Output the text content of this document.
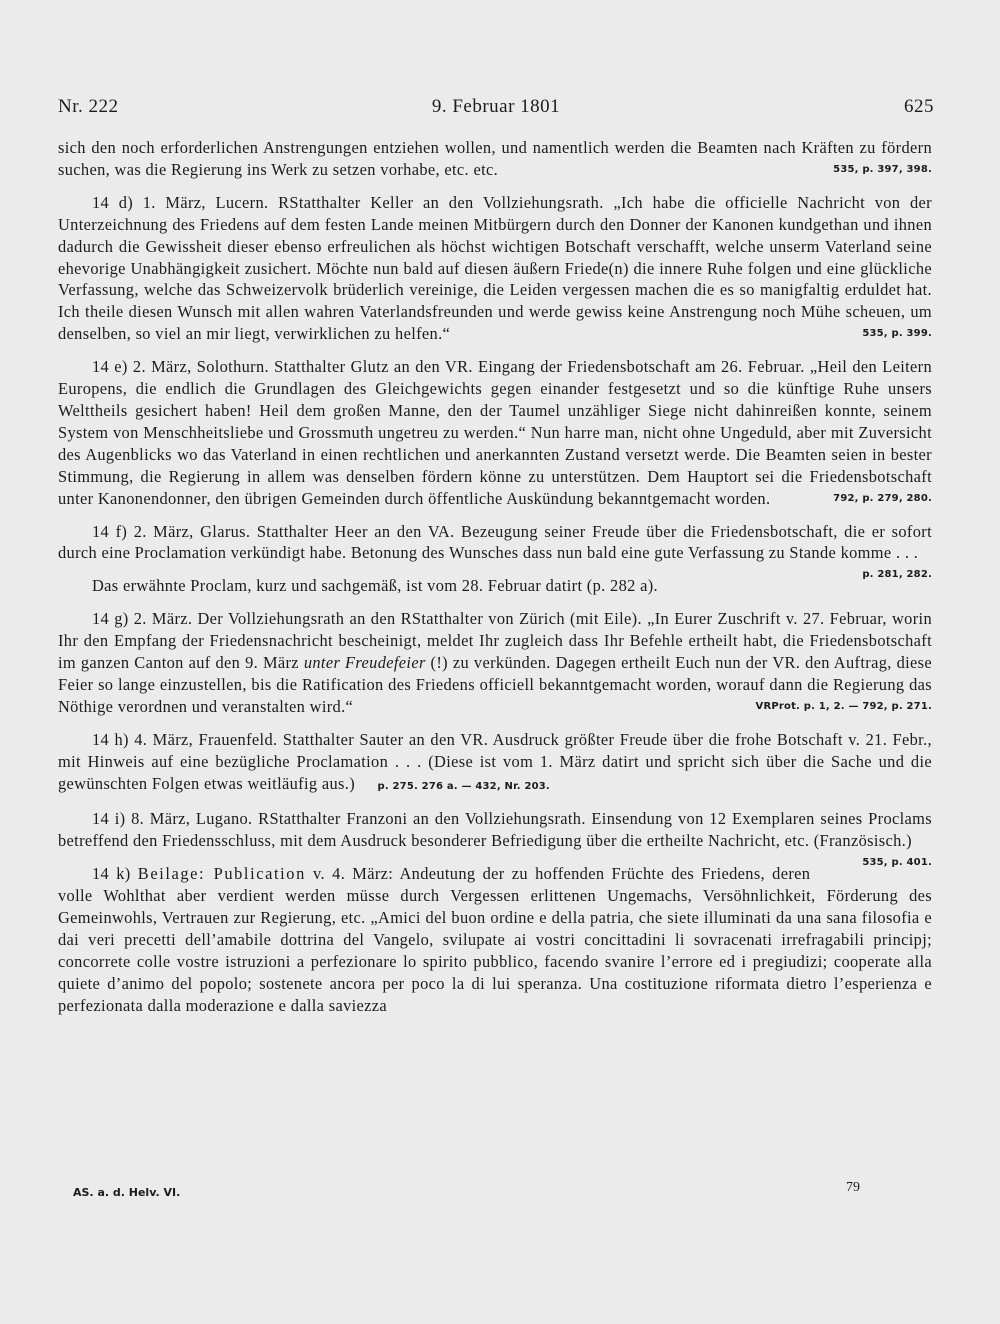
Nr. 222	9. Februar 1801	625

sich den noch erforderlichen Anstrengungen entziehen wollen, und namentlich werden die Beamten nach Kräften zu fördern suchen, was die Regierung ins Werk zu setzen vorhabe, etc. etc.	535, p. 397, 398.

14 d) 1. März, Lucern. RStatthalter Keller an den Vollziehungsrath. „Ich habe die officielle Nachricht von der Unterzeichnung des Friedens auf dem festen Lande meinen Mitbürgern durch den Donner der Kanonen kundgethan und ihnen dadurch die Gewissheit dieser ebenso erfreulichen als höchst wichtigen Botschaft verschafft, welche unserm Vaterland seine ehevorige Unabhängigkeit zusichert. Möchte nun bald auf diesen äußern Friede(n) die innere Ruhe folgen und eine glückliche Verfassung, welche das Schweizervolk brüderlich vereinige, die Leiden vergessen machen die es so manigfaltig erduldet hat. Ich theile diesen Wunsch mit allen wahren Vaterlandsfreunden und werde gewiss keine Anstrengung noch Mühe scheuen, um denselben, so viel an mir liegt, verwirklichen zu helfen.“	535, p. 399.

14 e) 2. März, Solothurn. Statthalter Glutz an den VR. Eingang der Friedensbotschaft am 26. Februar. „Heil den Leitern Europens, die endlich die Grundlagen des Gleichgewichts gegen einander festgesetzt und so die künftige Ruhe unsers Welttheils gesichert haben! Heil dem großen Manne, den der Taumel unzähliger Siege nicht dahinreißen konnte, seinem System von Menschheitsliebe und Grossmuth ungetreu zu werden.“ Nun harre man, nicht ohne Ungeduld, aber mit Zuversicht des Augenblicks wo das Vaterland in einen rechtlichen und anerkannten Zustand versetzt werde. Die Beamten seien in bester Stimmung, die Regierung in allem was denselben fördern könne zu unterstützen. Dem Hauptort sei die Friedensbotschaft unter Kanonendonner, den übrigen Gemeinden durch öffentliche Auskündung bekanntgemacht worden.	792, p. 279, 280.

14 f) 2. März, Glarus. Statthalter Heer an den VA. Bezeugung seiner Freude über die Friedensbotschaft, die er sofort durch eine Proclamation verkündigt habe. Betonung des Wunsches dass nun bald eine gute Verfassung zu Stande komme . . .
p. 281, 282.

Das erwähnte Proclam, kurz und sachgemäß, ist vom 28. Februar datirt (p. 282 a).

14 g) 2. März. Der Vollziehungsrath an den RStatthalter von Zürich (mit Eile). „In Eurer Zuschrift v. 27. Februar, worin Ihr den Empfang der Friedensnachricht bescheinigt, meldet Ihr zugleich dass Ihr Befehle ertheilt habt, die Friedensbotschaft im ganzen Canton auf den 9. März unter Freudefeier (!) zu verkünden. Dagegen ertheilt Euch nun der VR. den Auftrag, diese Feier so lange einzustellen, bis die Ratification des Friedens officiell bekanntgemacht worden, worauf dann die Regierung das Nöthige verordnen und veranstalten wird.“	VRProt. p. 1, 2. — 792, p. 271.

14 h) 4. März, Frauenfeld. Statthalter Sauter an den VR. Ausdruck größter Freude über die frohe Botschaft v. 21. Febr., mit Hinweis auf eine bezügliche Proclamation . . . (Diese ist vom 1. März datirt und spricht sich über die Sache und die gewünschten Folgen etwas weitläufig aus.) p. 275. 276 a. — 432, Nr. 203.

14 i) 8. März, Lugano. RStatthalter Franzoni an den Vollziehungsrath. Einsendung von 12 Exemplaren seines Proclams betreffend den Friedensschluss, mit dem Ausdruck besonderer Befriedigung über die ertheilte Nachricht, etc. (Französisch.)
535, p. 401.

14 k) Beilage: Publication v. 4. März: Andeutung der zu hoffenden Früchte des Friedens, deren volle Wohlthat aber verdient werden müsse durch Vergessen erlittenen Ungemachs, Versöhnlichkeit, Förderung des Gemeinwohls, Vertrauen zur Regierung, etc. „Amici del buon ordine e della patria, che siete illuminati da una sana filosofia e dai veri precetti dell’amabile dottrina del Vangelo, svilupate ai vostri concittadini li sovracenati irrefragabili principj; concorrete colle vostre istruzioni a perfezionare lo spirito pubblico, facendo svanire l’errore ed i pregiudizi; cooperate alla quiete d’animo del popolo; sostenete ancora per poco la di lui speranza. Una costituzione riformata dietro l’esperienza e perfezionata dalla moderazione e dalla saviezza

AS. a. d. Helv. VI.	79
